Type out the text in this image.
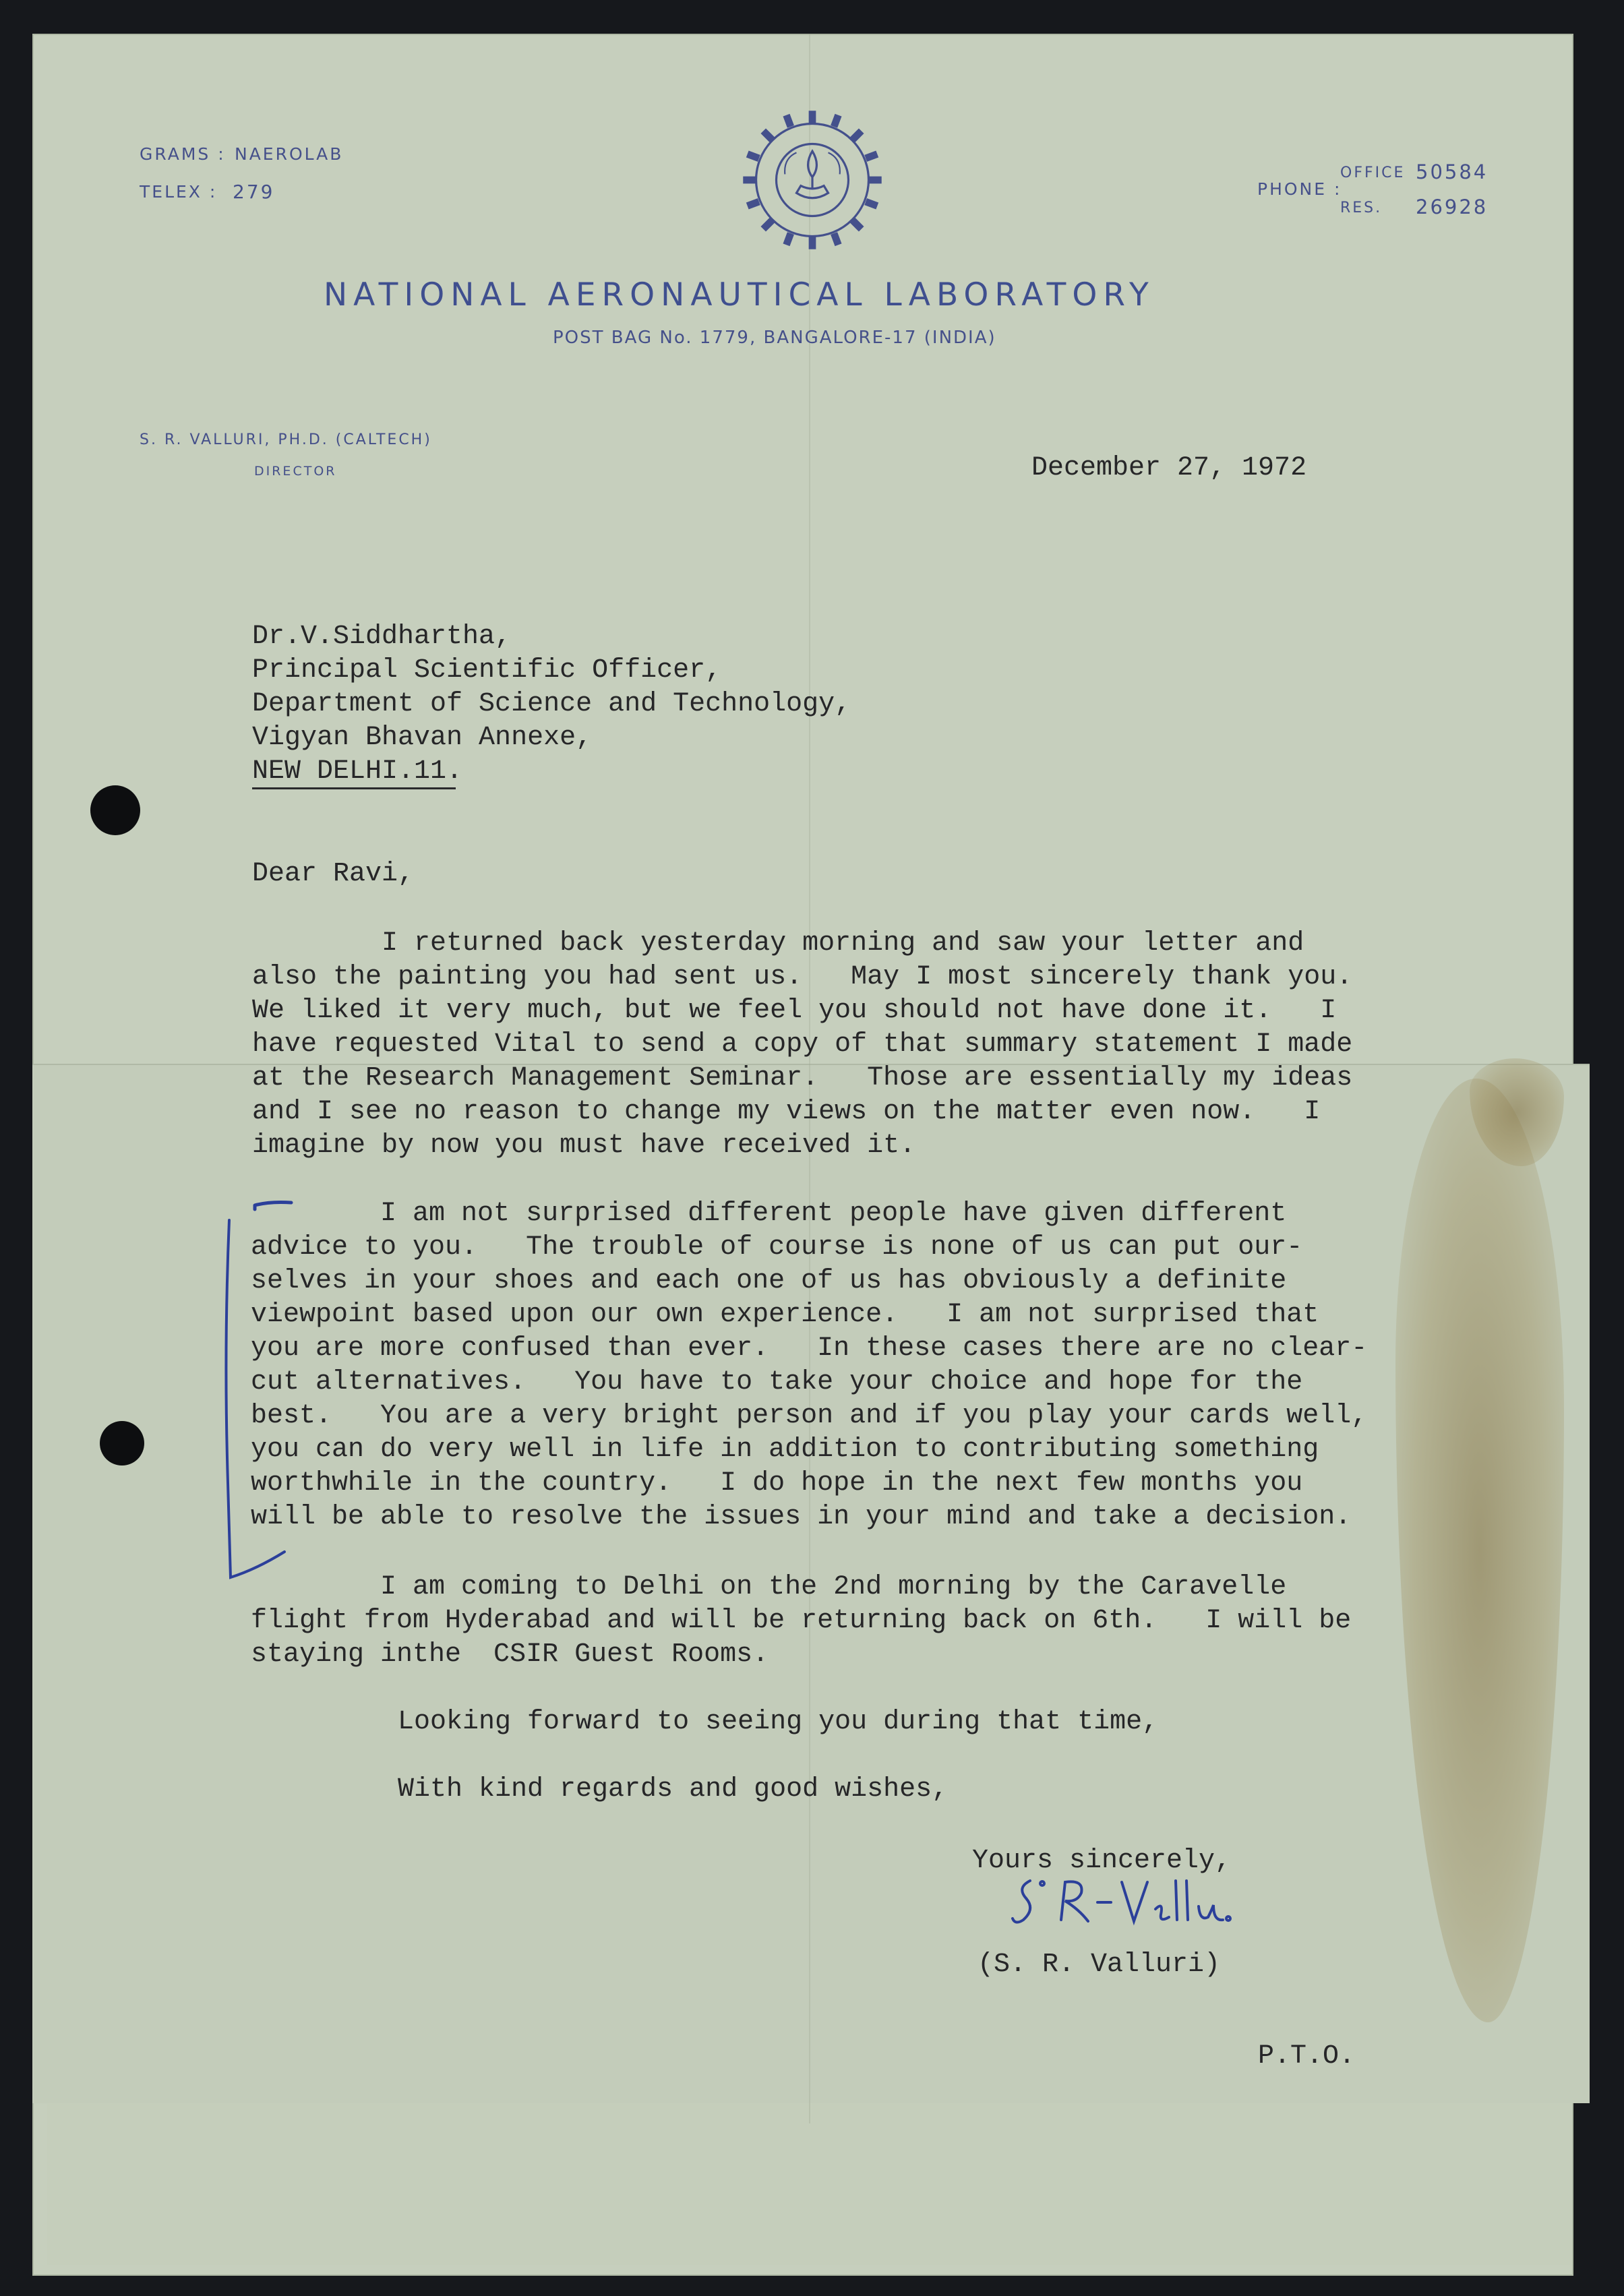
GRAMS : NAEROLAB
TELEX : 279	PHONE :
OFFICE 50584
RES. 26928
NATIONAL AERONAUTICAL LABORATORY
POST BAG No. 1779, BANGALORE-17 (INDIA)
S. R. VALLURI, PH.D. (CALTECH)
DIRECTOR	December 27, 1972
Dr.V.Siddhartha,
Principal Scientific Officer,
Department of Science and Technology,
Vigyan Bhavan Annexe,
NEW DELHI.11.
Dear Ravi,
I returned back yesterday morning and saw your letter and
also the painting you had sent us.   May I most sincerely thank you.
We liked it very much, but we feel you should not have done it.   I
have requested Vital to send a copy of that summary statement I made
at the Research Management Seminar.   Those are essentially my ideas
and I see no reason to change my views on the matter even now.   I
imagine by now you must have received it.
I am not surprised different people have given different
advice to you.   The trouble of course is none of us can put our-
selves in your shoes and each one of us has obviously a definite
viewpoint based upon our own experience.   I am not surprised that
you are more confused than ever.   In these cases there are no clear-
cut alternatives.   You have to take your choice and hope for the
best.   You are a very bright person and if you play your cards well,
you can do very well in life in addition to contributing something
worthwhile in the country.   I do hope in the next few months you
will be able to resolve the issues in your mind and take a decision.
I am coming to Delhi on the 2nd morning by the Caravelle
flight from Hyderabad and will be returning back on 6th.   I will be
staying inthe  CSIR Guest Rooms.
Looking forward to seeing you during that time,
With kind regards and good wishes,
Yours sincerely,
(S. R. Valluri)
P.T.O.
